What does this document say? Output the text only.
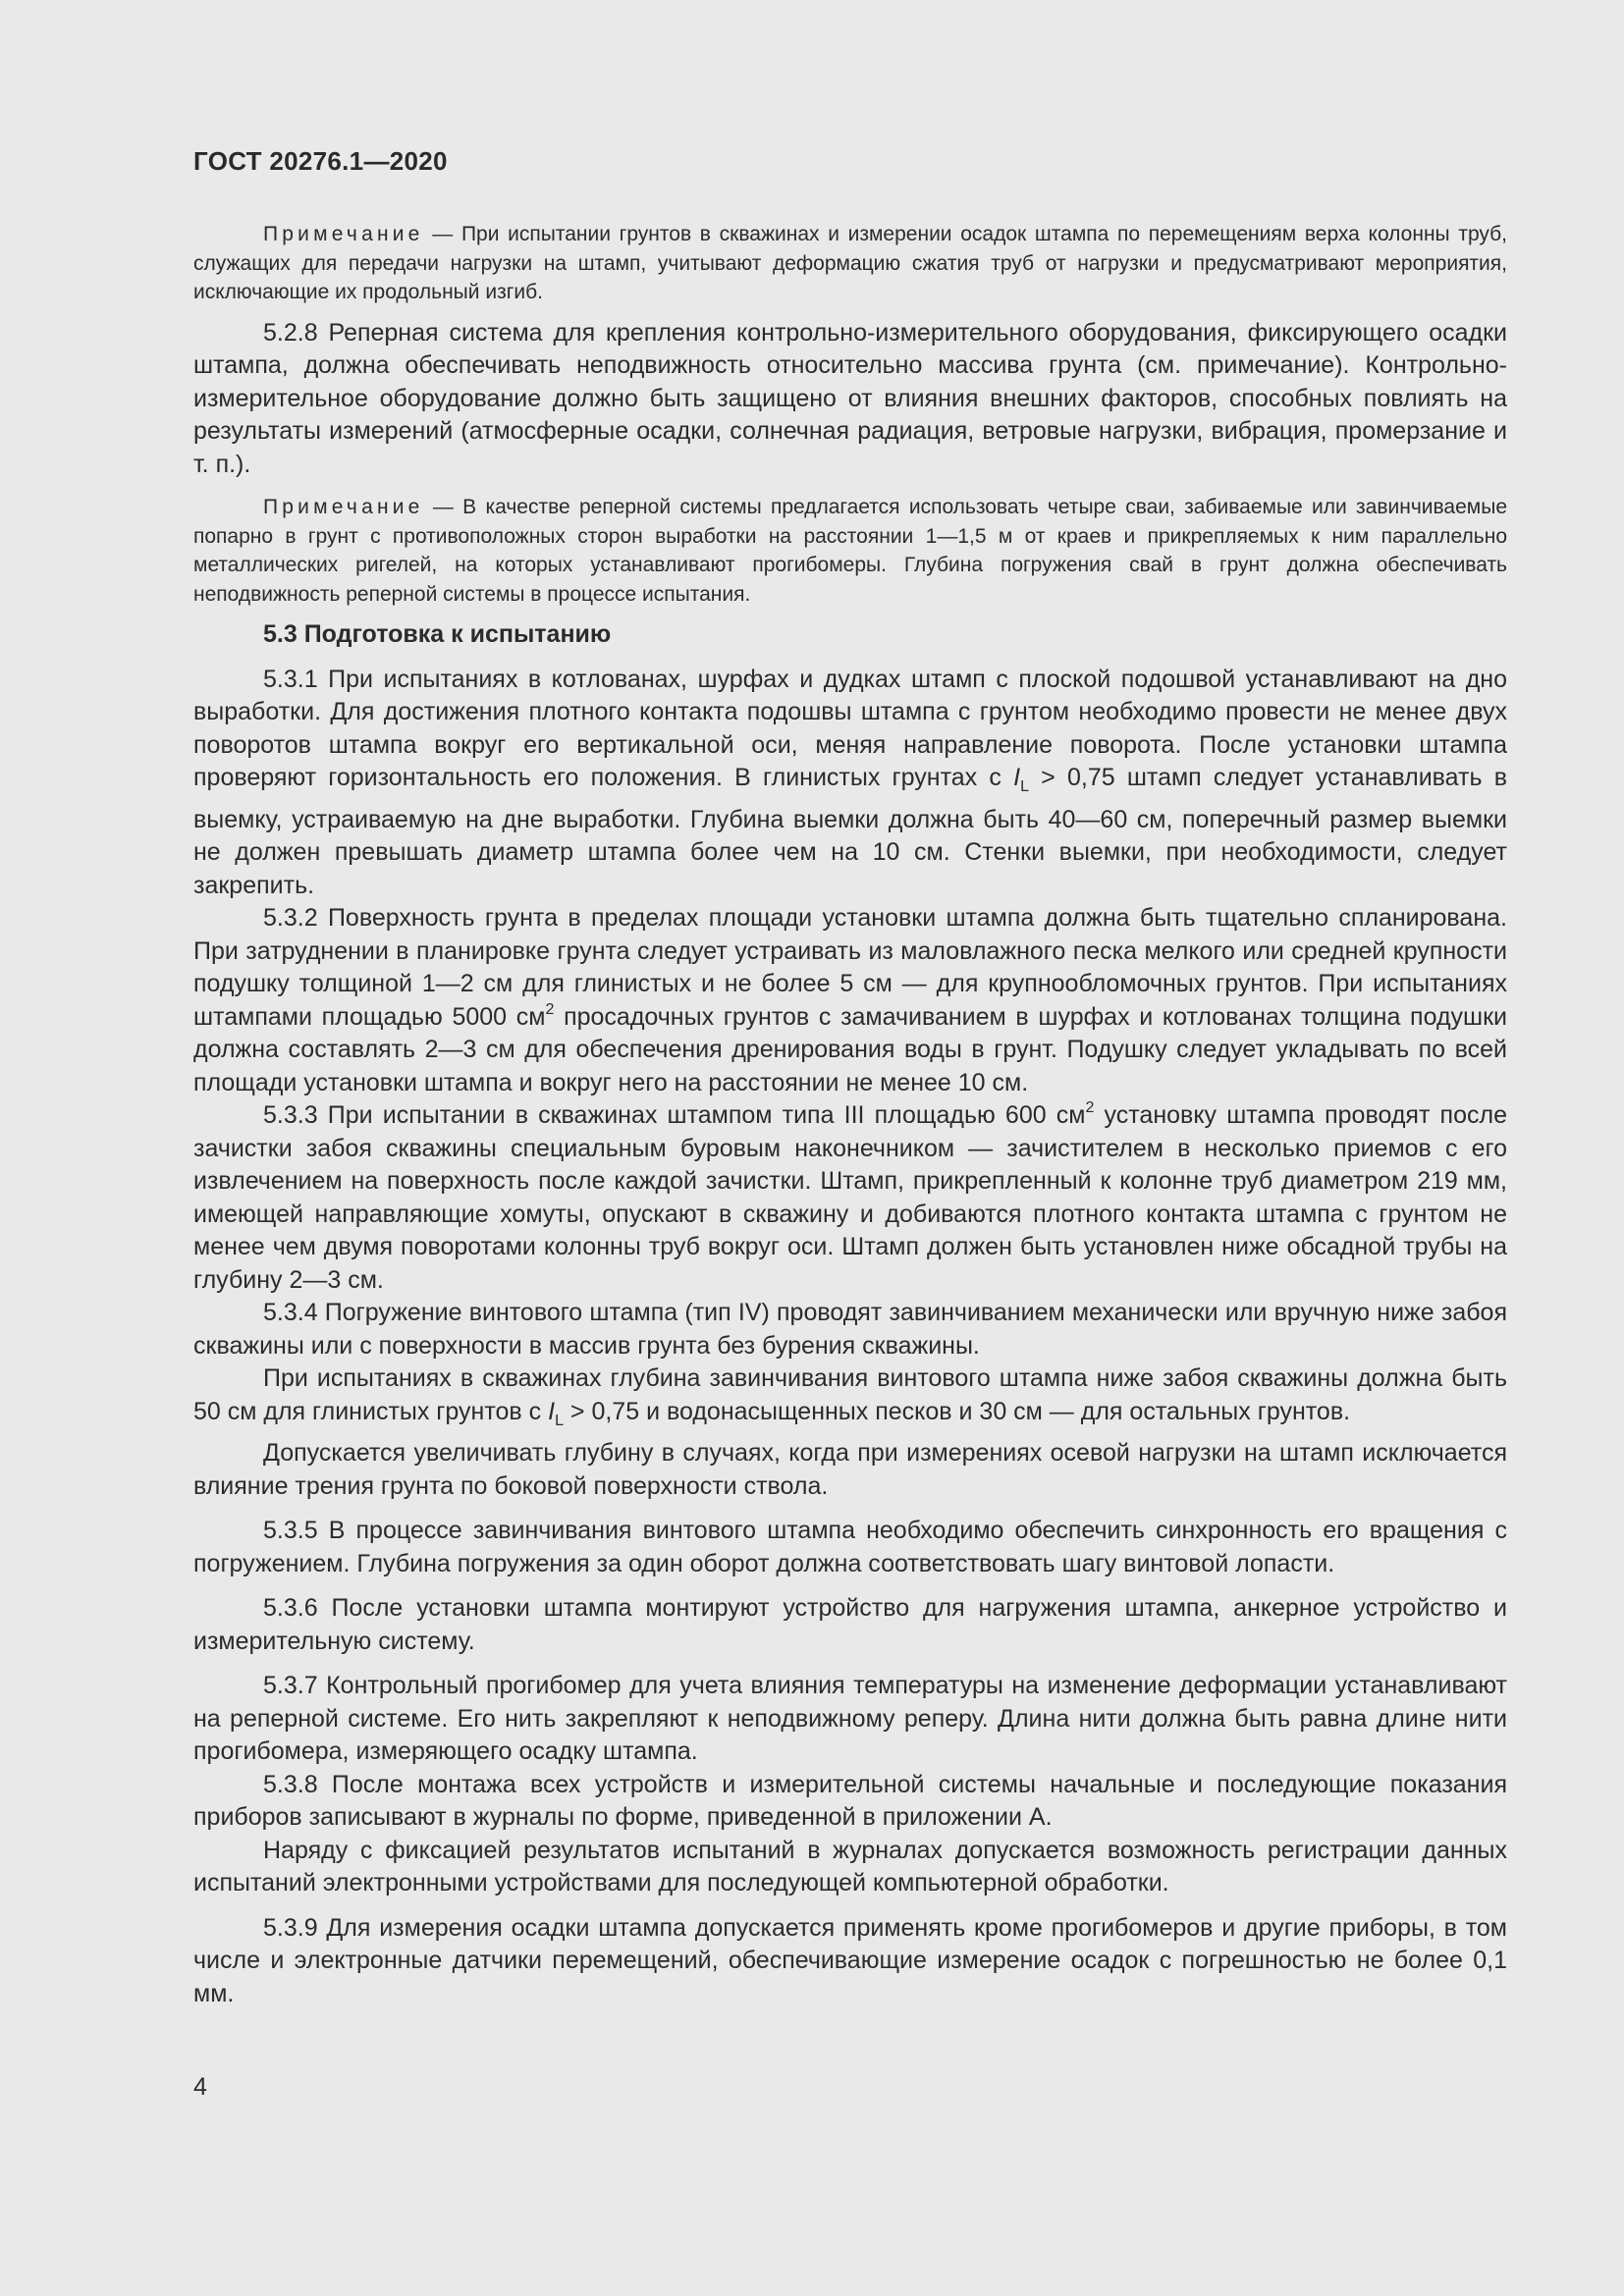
ГОСТ 20276.1—2020

Примечание — При испытании грунтов в скважинах и измерении осадок штампа по перемещениям верха колонны труб, служащих для передачи нагрузки на штамп, учитывают деформацию сжатия труб от нагрузки и предусматривают мероприятия, исключающие их продольный изгиб.

5.2.8 Реперная система для крепления контрольно-измерительного оборудования, фиксирующего осадки штампа, должна обеспечивать неподвижность относительно массива грунта (см. примечание). Контрольно-измерительное оборудование должно быть защищено от влияния внешних факторов, способных повлиять на результаты измерений (атмосферные осадки, солнечная радиация, ветровые нагрузки, вибрация, промерзание и т. п.).

Примечание — В качестве реперной системы предлагается использовать четыре сваи, забиваемые или завинчиваемые попарно в грунт с противоположных сторон выработки на расстоянии 1—1,5 м от краев и прикрепляемых к ним параллельно металлических ригелей, на которых устанавливают прогибомеры. Глубина погружения свай в грунт должна обеспечивать неподвижность реперной системы в процессе испытания.

5.3 Подготовка к испытанию

5.3.1 При испытаниях в котлованах, шурфах и дудках штамп с плоской подошвой устанавливают на дно выработки. Для достижения плотного контакта подошвы штампа с грунтом необходимо провести не менее двух поворотов штампа вокруг его вертикальной оси, меняя направление поворота. После установки штампа проверяют горизонтальность его положения. В глинистых грунтах с $I_L > 0,75$ штамп следует устанавливать в выемку, устраиваемую на дне выработки. Глубина выемки должна быть 40—60 см, поперечный размер выемки не должен превышать диаметр штампа более чем на 10 см. Стенки выемки, при необходимости, следует закрепить.

5.3.2 Поверхность грунта в пределах площади установки штампа должна быть тщательно спланирована. При затруднении в планировке грунта следует устраивать из маловлажного песка мелкого или средней крупности подушку толщиной 1—2 см для глинистых и не более 5 см — для крупнообломочных грунтов. При испытаниях штампами площадью 5000 $см^2$ просадочных грунтов с замачиванием в шурфах и котлованах толщина подушки должна составлять 2—3 см для обеспечения дренирования воды в грунт. Подушку следует укладывать по всей площади установки штампа и вокруг него на расстоянии не менее 10 см.

5.3.3 При испытании в скважинах штампом типа III площадью 600 $см^2$ установку штампа проводят после зачистки забоя скважины специальным буровым наконечником — зачистителем в несколько приемов с его извлечением на поверхность после каждой зачистки. Штамп, прикрепленный к колонне труб диаметром 219 мм, имеющей направляющие хомуты, опускают в скважину и добиваются плотного контакта штампа с грунтом не менее чем двумя поворотами колонны труб вокруг оси. Штамп должен быть установлен ниже обсадной трубы на глубину 2—3 см.

5.3.4 Погружение винтового штампа (тип IV) проводят завинчиванием механически или вручную ниже забоя скважины или с поверхности в массив грунта без бурения скважины.

При испытаниях в скважинах глубина завинчивания винтового штампа ниже забоя скважины должна быть 50 см для глинистых грунтов с $I_L > 0,75$ и водонасыщенных песков и 30 см — для остальных грунтов.

Допускается увеличивать глубину в случаях, когда при измерениях осевой нагрузки на штамп исключается влияние трения грунта по боковой поверхности ствола.

5.3.5 В процессе завинчивания винтового штампа необходимо обеспечить синхронность его вращения с погружением. Глубина погружения за один оборот должна соответствовать шагу винтовой лопасти.

5.3.6 После установки штампа монтируют устройство для нагружения штампа, анкерное устройство и измерительную систему.

5.3.7 Контрольный прогибомер для учета влияния температуры на изменение деформации устанавливают на реперной системе. Его нить закрепляют к неподвижному реперу. Длина нити должна быть равна длине нити прогибомера, измеряющего осадку штампа.

5.3.8 После монтажа всех устройств и измерительной системы начальные и последующие показания приборов записывают в журналы по форме, приведенной в приложении А.

Наряду с фиксацией результатов испытаний в журналах допускается возможность регистрации данных испытаний электронными устройствами для последующей компьютерной обработки.

5.3.9 Для измерения осадки штампа допускается применять кроме прогибомеров и другие приборы, в том числе и электронные датчики перемещений, обеспечивающие измерение осадок с погрешностью не более 0,1 мм.

4
